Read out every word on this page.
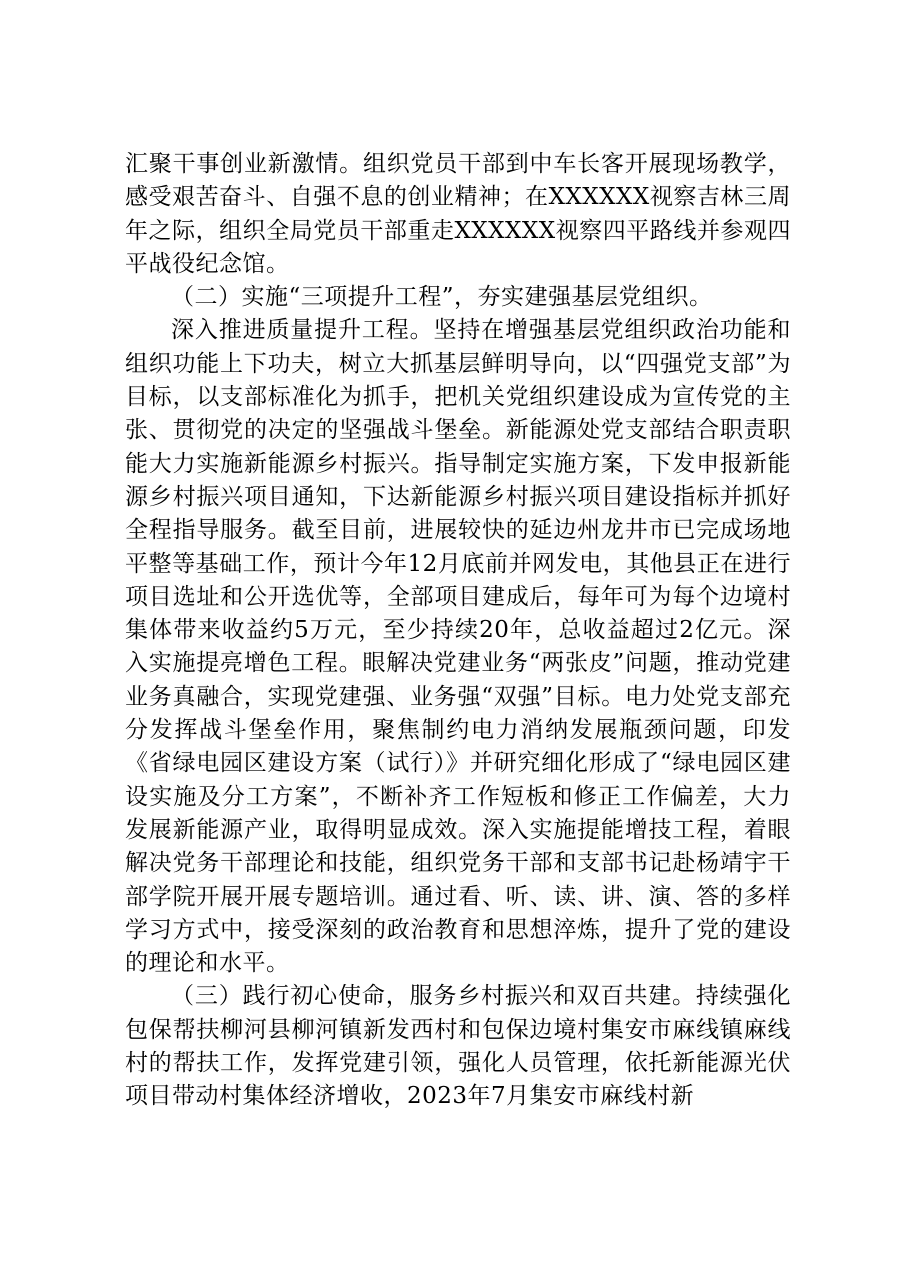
汇聚干事创业新激情。组织党员干部到中车长客开展现场教学，感受艰苦奋斗、自强不息的创业精神；在XXXXXX视察吉林三周年之际，组织全局党员干部重走XXXXXX视察四平路线并参观四平战役纪念馆。

（二）实施“三项提升工程”，夯实建强基层党组织。

深入推进质量提升工程。坚持在增强基层党组织政治功能和组织功能上下功夫，树立大抓基层鲜明导向，以“四强党支部”为目标，以支部标准化为抓手，把机关党组织建设成为宣传党的主张、贯彻党的决定的坚强战斗堡垒。新能源处党支部结合职责职能大力实施新能源乡村振兴。指导制定实施方案，下发申报新能源乡村振兴项目通知，下达新能源乡村振兴项目建设指标并抓好全程指导服务。截至目前，进展较快的延边州龙井市已完成场地平整等基础工作，预计今年12月底前并网发电，其他县正在进行项目选址和公开选优等，全部项目建成后，每年可为每个边境村集体带来收益约5万元，至少持续20年，总收益超过2亿元。深入实施提亮增色工程。眼解决党建业务“两张皮”问题，推动党建业务真融合，实现党建强、业务强“双强”目标。电力处党支部充分发挥战斗堡垒作用，聚焦制约电力消纳发展瓶颈问题，印发《省绿电园区建设方案（试行）》并研究细化形成了“绿电园区建设实施及分工方案”，不断补齐工作短板和修正工作偏差，大力发展新能源产业，取得明显成效。深入实施提能增技工程，着眼解决党务干部理论和技能，组织党务干部和支部书记赴杨靖宇干部学院开展开展专题培训。通过看、听、读、讲、演、答的多样学习方式中，接受深刻的政治教育和思想淬炼，提升了党的建设的理论和水平。

（三）践行初心使命，服务乡村振兴和双百共建。持续强化包保帮扶柳河县柳河镇新发西村和包保边境村集安市麻线镇麻线村的帮扶工作，发挥党建引领，强化人员管理，依托新能源光伏项目带动村集体经济增收，2023年7月集安市麻线村新
